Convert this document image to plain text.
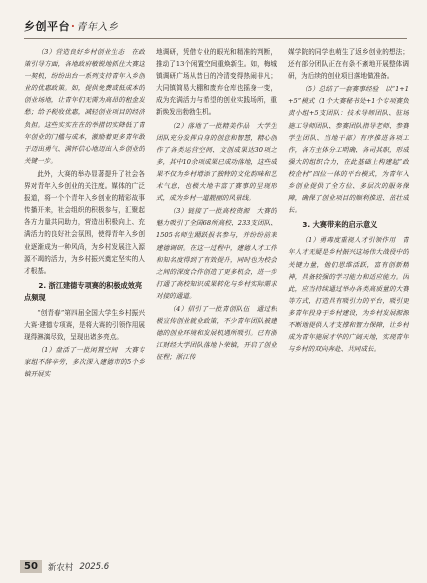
乡创平台·青年入乡

（3）营造良好乡村创业生态　在政策引导方面，各地政府敏锐地抓住大赛这一契机，纷纷出台一系列支持青年入乡创业的优惠政策。如，提供免费或低成本的创业场地，让青年们无需为高昂的租金发愁；给予税收优惠，减轻创业项目的经济负担。这些实实在在的举措切实降低了青年创业的门槛与成本，激励着更多青年敢于迈出勇气、满怀信心地迈出入乡创业的关键一步。

此外，大赛的举办显著提升了社会各界对青年入乡创业的关注度。媒体的广泛报道，将一个个青年入乡创业的精彩故事传播开来，社会组织的积极参与，汇聚起各方力量共同助力，营造出积极向上、充满活力的良好社会氛围，使得青年入乡创业逐渐成为一种风尚，为乡村发展注入源源不竭的活力，为乡村振兴奠定坚实的人才根基。

2. 浙江建德专项赛的积极成效亮点频现

“创青春”第四届全国大学生乡村振兴大赛·建德专项赛，是将大赛的引领作用展现得淋漓尽致，呈现出诸多亮点。

（1）盘活了一批闲置空间　大赛专家组不辞辛劳，多次深入建德市的5个乡镇开展实

地调研，凭借专业的眼光和精准的判断，推动了13个闲置空间重焕新生。如，梅城镇调研广场从昔日的冷清变得热闹非凡；大同镇简易大棚和废弃仓库也摇身一变，成为充满活力与希望的创业实践场所，重新焕发出勃勃生机。

（2）落地了一批精美作品　大学生团队充分发挥自身的创意和智慧，精心创作了各类运营空间、文创成果达30项之多，其中10余项成果已成功落地，这些成果不仅为乡村增添了独特的文化韵味和艺术气息，也极大地丰富了赛事的呈现形式，成为乡村一道靓丽的风景线。

（3）链接了一批高校资源　大赛的魅力吸引了全国68所高校、233支团队、1505名师生踊跃报名参与，并纷纷前来建德调研。在这一过程中，建德人才工作和知名度得到了有效提升，同时也为校会之间的深度合作创造了更多机会，进一步打通了高校知识成果转化与乡村实际需求对接的通道。

（4）招引了一批青创队伍　通过积极宣传创业就业政策，不少青年团队被建德的创业环境和发展机遇所吸引。已有浙江财经大学团队落地卜荣镇，开启了创业征程；浙江传

媒学院的同学也萌生了返乡创业的想法；还有部分团队正在有条不紊地开展整体调研，为后续的创业项目落地做准备。

（5）总结了一套赛事经验　以“1+1+5”模式（1个大赛秘书处+1个专项赛负责小组+5支团队：技术导师团队、驻场施工导师团队、参赛团队指导老师、参赛学生团队、当地干部）有序推进各项工作，各方主体分工明确、各司其职，形成强大的组织合力，在此基础上构建起“政校企村”四位一体的平台模式，为青年入乡创业提供了全方位、多层次的服务保障，确保了创业项目的顺利推进、茁壮成长。

3. 大赛带来的启示意义

（1）勇毒度重视人才引领作用　青年人才无疑是乡村振兴这场伟大战役中的关键力量，他们思维活跃，富有创新精神，具备较强的学习能力和适应能力。因此，应当持续通过举办各类高质量的大赛等方式，打造具有吸引力的平台，吸引更多青年投身于乡村建设，为乡村发展源源不断地提供人才支撑和智力保障，让乡村成为青年施展才华的广阔天地，实现青年与乡村的双向奔赴、共同成长。

50	新农村 2025.6
